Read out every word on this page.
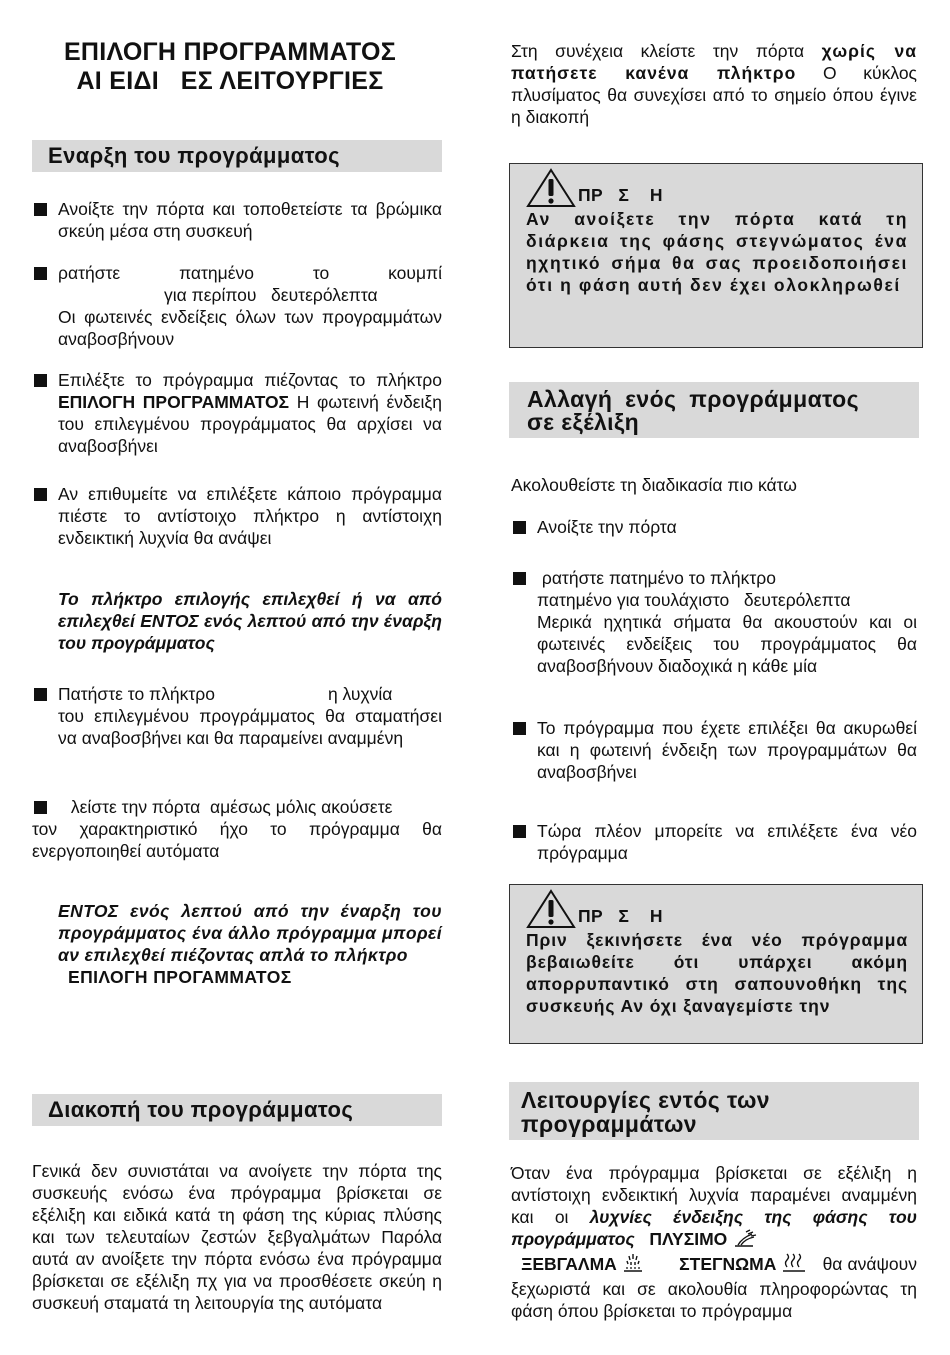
ΕΠΙΛΟΓΗ ΠΡΟΓΡΑΜΜΑΤΟΣ
ΑΙ ΕΙΔΙ   ΕΣ ΛΕΙΤΟΥΡΓΙΕΣ
Εναρξη του προγράμματος

Ανοίξτε την πόρτα και τοποθετείστε τα βρώμικα σκεύη μέσα στη συσκευή

ρατήστε πατημένο το κουμπί

για περίπου   δευτερόλεπτα

Οι φωτεινές ενδείξεις όλων των προγραμμάτων αναβοσβήνουν

Επιλέξτε το πρόγραμμα πιέζοντας το πλήκτρο ΕΠΙΛΟΓΗ ΠΡΟΓΡΑΜΜΑΤΟΣ Η φωτεινή ένδειξη του επιλεγμένου προγράμματος θα αρχίσει να αναβοσβήνει

Αν επιθυμείτε να επιλέξετε κάποιο πρόγραμμα πιέστε το αντίστοιχο πλήκτρο η αντίστοιχη ενδεικτική λυχνία θα ανάψει

Το πλήκτρο επιλογής επιλεχθεί ή να από επιλεχθεί ΕΝΤΟΣ ενός λεπτού από την έναρξη του προγράμματος

Πατήστε το πλήκτρο	η λυχνία

του επιλεγμένου προγράμματος θα σταματήσει να αναβοσβήνει και θα παραμείνει αναμμένη

λείστε την πόρτα  αμέσως μόλις ακούσετε

τον χαρακτηριστικό ήχο το πρόγραμμα θα ενεργοποιηθεί αυτόματα

ΕΝΤΟΣ ενός λεπτού από την έναρξη του προγράμματος ένα άλλο πρόγραμμα μπορεί αν επιλεχθεί πιέζοντας απλά το πλήκτρο
ΕΠΙΛΟΓΗ ΠΡΟΓΑΜΜΑΤΟΣ
Διακοπή του προγράμματος
Γενικά δεν συνιστάται να ανοίγετε την πόρτα της συσκευής ενόσω ένα πρόγραμμα βρίσκεται σε εξέλιξη και ειδικά κατά τη φάση της κύριας πλύσης και των τελευταίων ζεστών ξεβγαλμάτων Παρόλα αυτά αν ανοίξετε την πόρτα ενόσω ένα πρόγραμμα βρίσκεται σε εξέλιξη πχ για να προσθέσετε σκεύη η συσκευή σταματά τη λειτουργία της αυτόματα
Στη συνέχεια κλείστε την πόρτα χωρίς να πατήσετε κανένα πλήκτρο Ο κύκλος πλυσίματος θα συνεχίσει από το σημείο όπου έγινε η διακοπή
ΠΡ   Σ    Η
Αν ανοίξετε την πόρτα κατά τη διάρκεια της φάσης στεγνώματος ένα ηχητικό σήμα θα σας προειδοποιήσει ότι η φάση αυτή δεν έχει ολοκληρωθεί
Αλλαγή ενός προγράμματος
σε εξέλιξη
Ακολουθείστε τη διαδικασία πιο κάτω

Ανοίξτε την πόρτα

ρατήστε πατημένο το πλήκτρο

πατημένο για τουλάχιστο   δευτερόλεπτα

Μερικά ηχητικά σήματα θα ακουστούν και οι φωτεινές ενδείξεις του προγράμματος θα αναβοσβήνουν διαδοχικά η κάθε μία

Το πρόγραμμα που έχετε επιλέξει θα ακυρωθεί και η φωτεινή ένδειξη των προγραμμάτων θα αναβοσβήνει

Τώρα πλέον μπορείτε να επιλέξετε ένα νέο πρόγραμμα

ΠΡ   Σ    Η
Πριν ξεκινήσετε ένα νέο πρόγραμμα βεβαιωθείτε ότι υπάρχει ακόμη απορρυπαντικό στη σαπουνοθήκη της συσκευής Αν όχι ξαναγεμίστε την
Λειτουργίες εντός των
προγραμμάτων
Όταν ένα πρόγραμμα βρίσκεται σε εξέλιξη η αντίστοιχη ενδεικτική λυχνία παραμένει αναμμένη και οι λυχνίες ένδειξης της φάσης του προγράμματος ΠΛΥΣΙΜΟ
ΞΕΒΓΑΛΜΑ	ΣΤΕΓΝΩΜΑ	θα ανάψουν ξεχωριστά και σε ακολουθία πληροφορώντας τη φάση όπου βρίσκεται το πρόγραμμα
